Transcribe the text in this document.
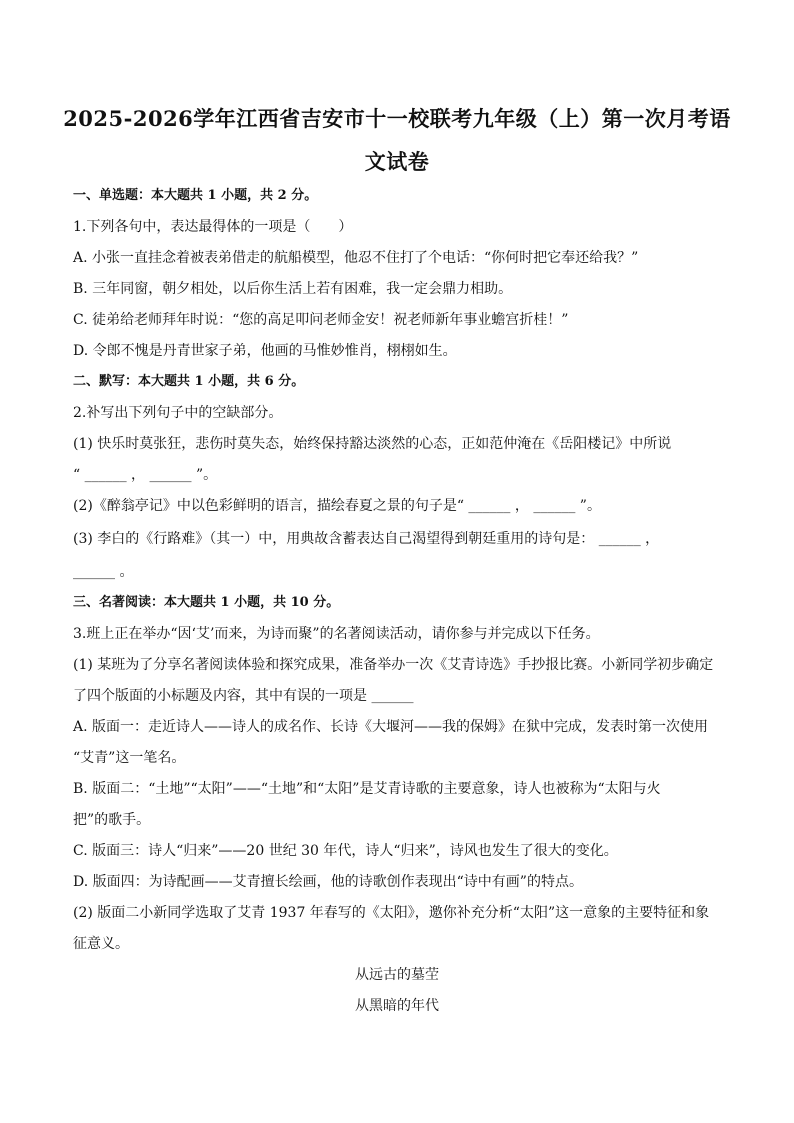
2025-2026学年江西省吉安市十一校联考九年级（上）第一次月考语
文试卷
一、单选题：本大题共 1 小题，共 2 分。
1.下列各句中，表达最得体的一项是（　　）
A. 小张一直挂念着被表弟借走的航船模型，他忍不住打了个电话：“你何时把它奉还给我？”
B. 三年同窗，朝夕相处，以后你生活上若有困难，我一定会鼎力相助。
C. 徒弟给老师拜年时说：“您的高足叩问老师金安！祝老师新年事业蟾宫折桂！”
D. 令郎不愧是丹青世家子弟，他画的马惟妙惟肖，栩栩如生。
二、默写：本大题共 1 小题，共 6 分。
2.补写出下列句子中的空缺部分。
(1) 快乐时莫张狂，悲伤时莫失态，始终保持豁达淡然的心态，正如范仲淹在《岳阳楼记》中所说
“ ______ ， ______ ”。
(2)《醉翁亭记》中以色彩鲜明的语言，描绘春夏之景的句子是“ ______ ， ______ ”。
(3) 李白的《行路难》（其一）中，用典故含蓄表达自己渴望得到朝廷重用的诗句是： ______ ，
______ 。
三、名著阅读：本大题共 1 小题，共 10 分。
3.班上正在举办“因‘艾’而来，为诗而聚”的名著阅读活动，请你参与并完成以下任务。
(1) 某班为了分享名著阅读体验和探究成果，准备举办一次《艾青诗选》手抄报比赛。小新同学初步确定
了四个版面的小标题及内容，其中有误的一项是 ______
A. 版面一：走近诗人——诗人的成名作、长诗《大堰河——我的保姆》在狱中完成，发表时第一次使用
“艾青”这一笔名。
B. 版面二：“土地”“太阳”——“土地”和“太阳”是艾青诗歌的主要意象，诗人也被称为“太阳与火
把”的歌手。
C. 版面三：诗人“归来”——20 世纪 30 年代，诗人“归来”，诗风也发生了很大的变化。
D. 版面四：为诗配画——艾青擅长绘画，他的诗歌创作表现出“诗中有画”的特点。
(2) 版面二小新同学选取了艾青 1937 年春写的《太阳》，邀你补充分析“太阳”这一意象的主要特征和象
征意义。
从远古的墓茔
从黑暗的年代
